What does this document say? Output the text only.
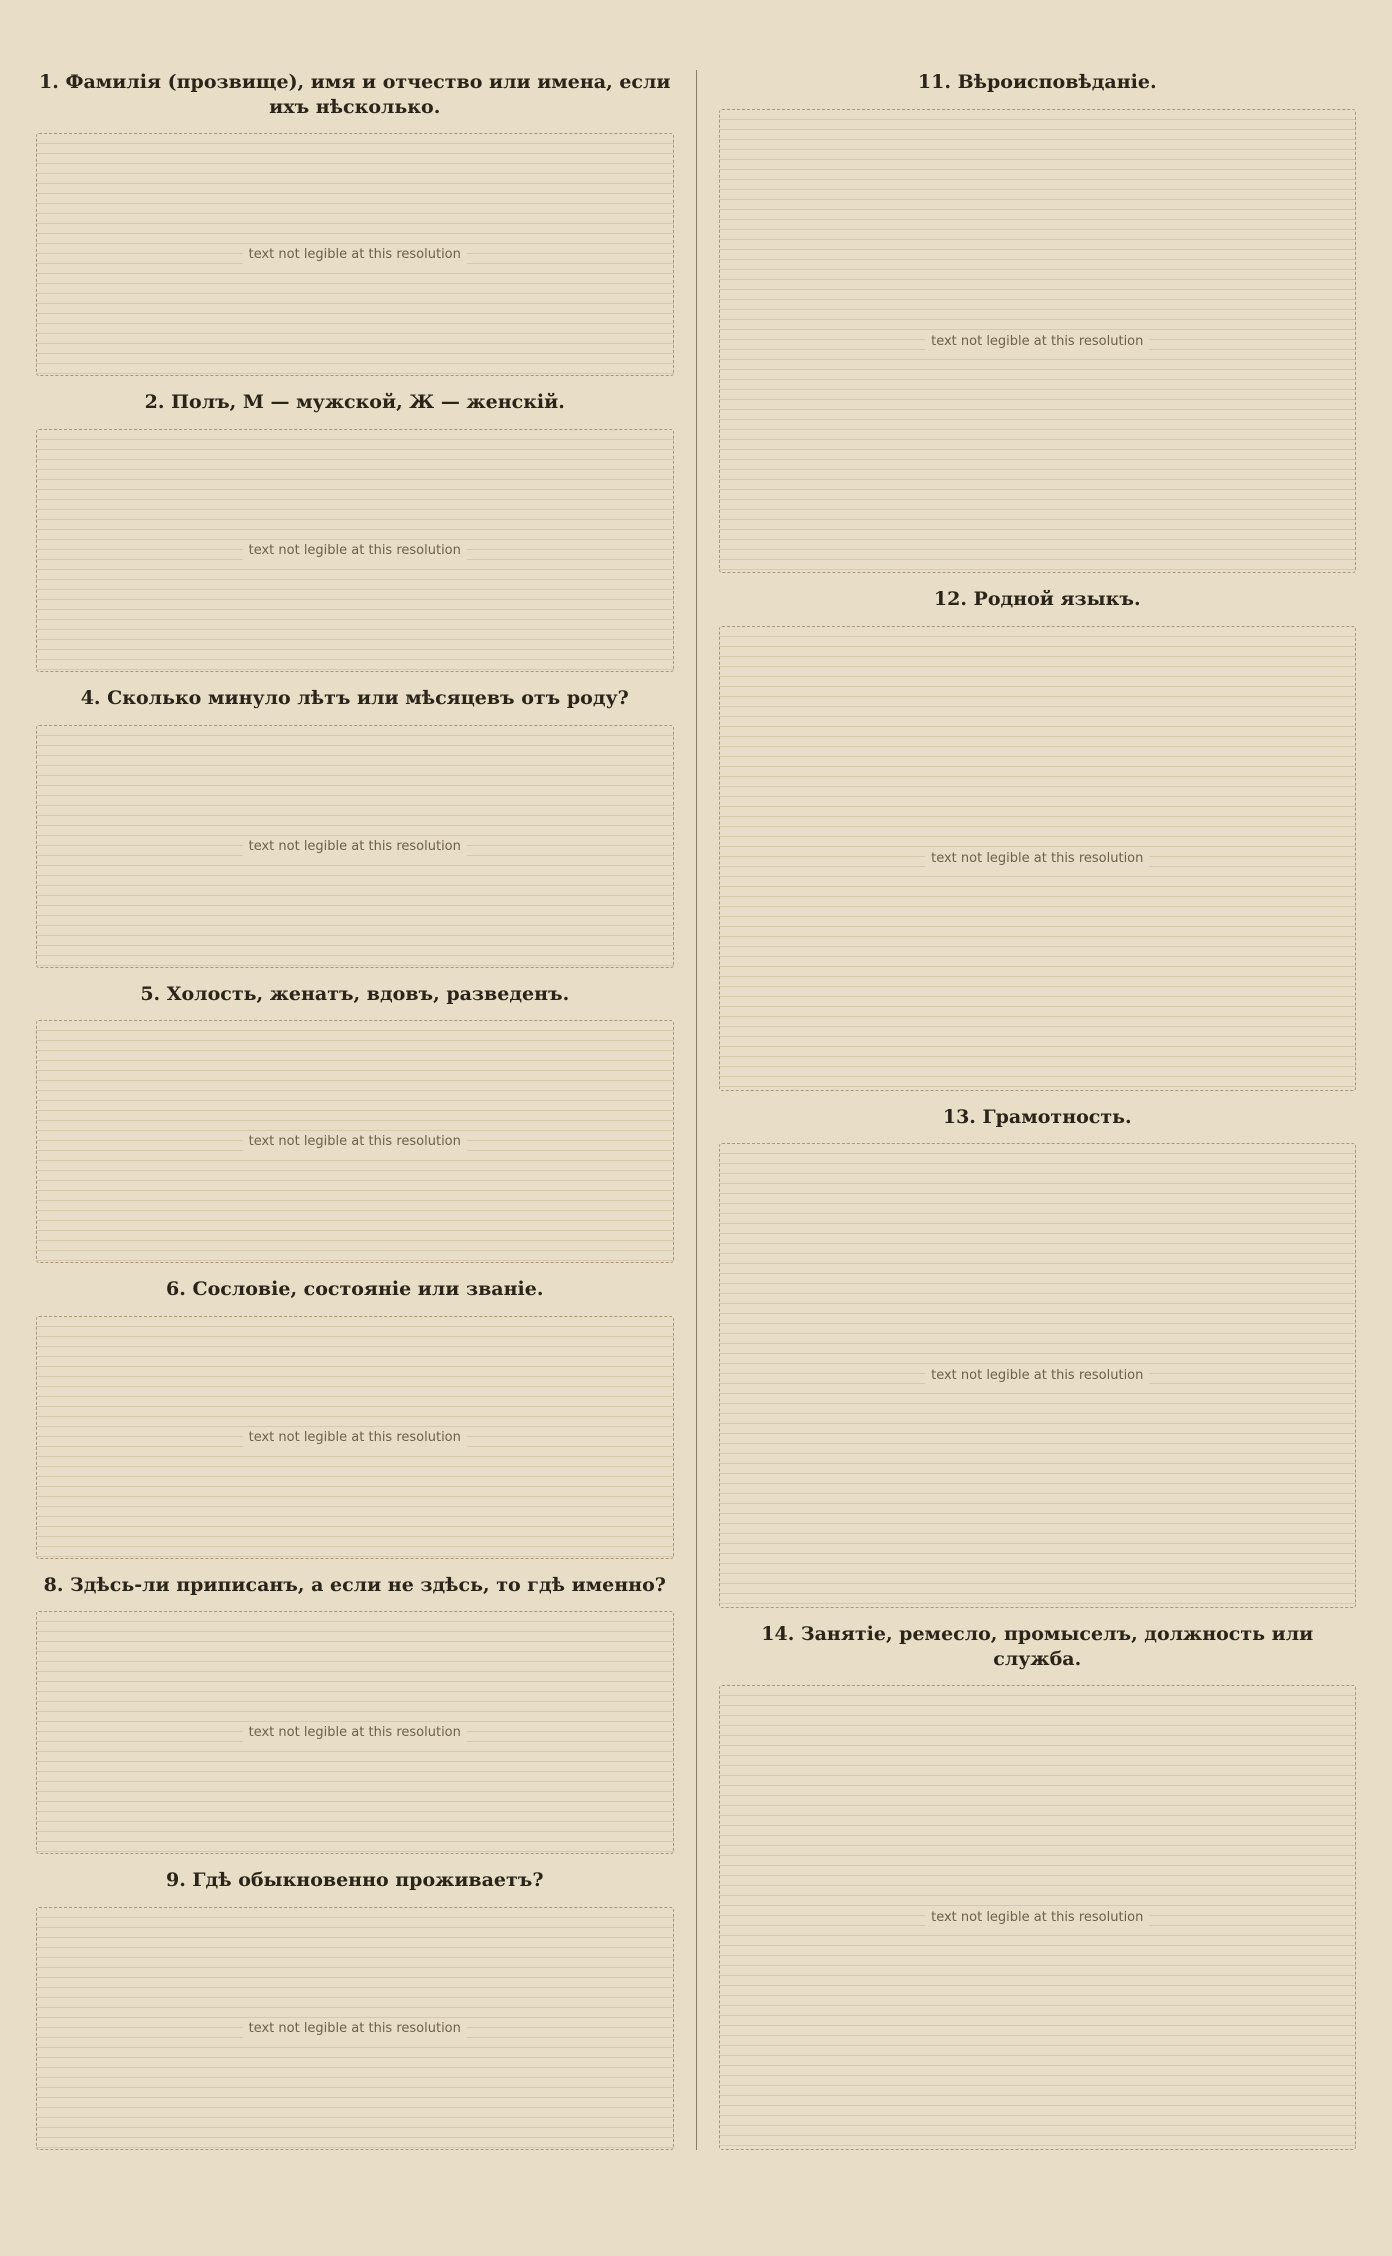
1. Фамилія (прозвище), имя и отчество или имена, если ихъ нѣсколько.
text not legible at this resolution
2. Полъ, М — мужской, Ж — женскій.
text not legible at this resolution
4. Сколько минуло лѣтъ или мѣсяцевъ отъ роду?
text not legible at this resolution
5. Холость, женатъ, вдовъ, разведенъ.
text not legible at this resolution
6. Сословіе, состояніе или званіе.
text not legible at this resolution
8. Здѣсь-ли приписанъ, а если не здѣсь, то гдѣ именно?
text not legible at this resolution
9. Гдѣ обыкновенно проживаетъ?
text not legible at this resolution
11. Вѣроисповѣданіе.
text not legible at this resolution
12. Родной языкъ.
text not legible at this resolution
13. Грамотность.
text not legible at this resolution
14. Занятіе, ремесло, промыселъ, должность или служба.
text not legible at this resolution
